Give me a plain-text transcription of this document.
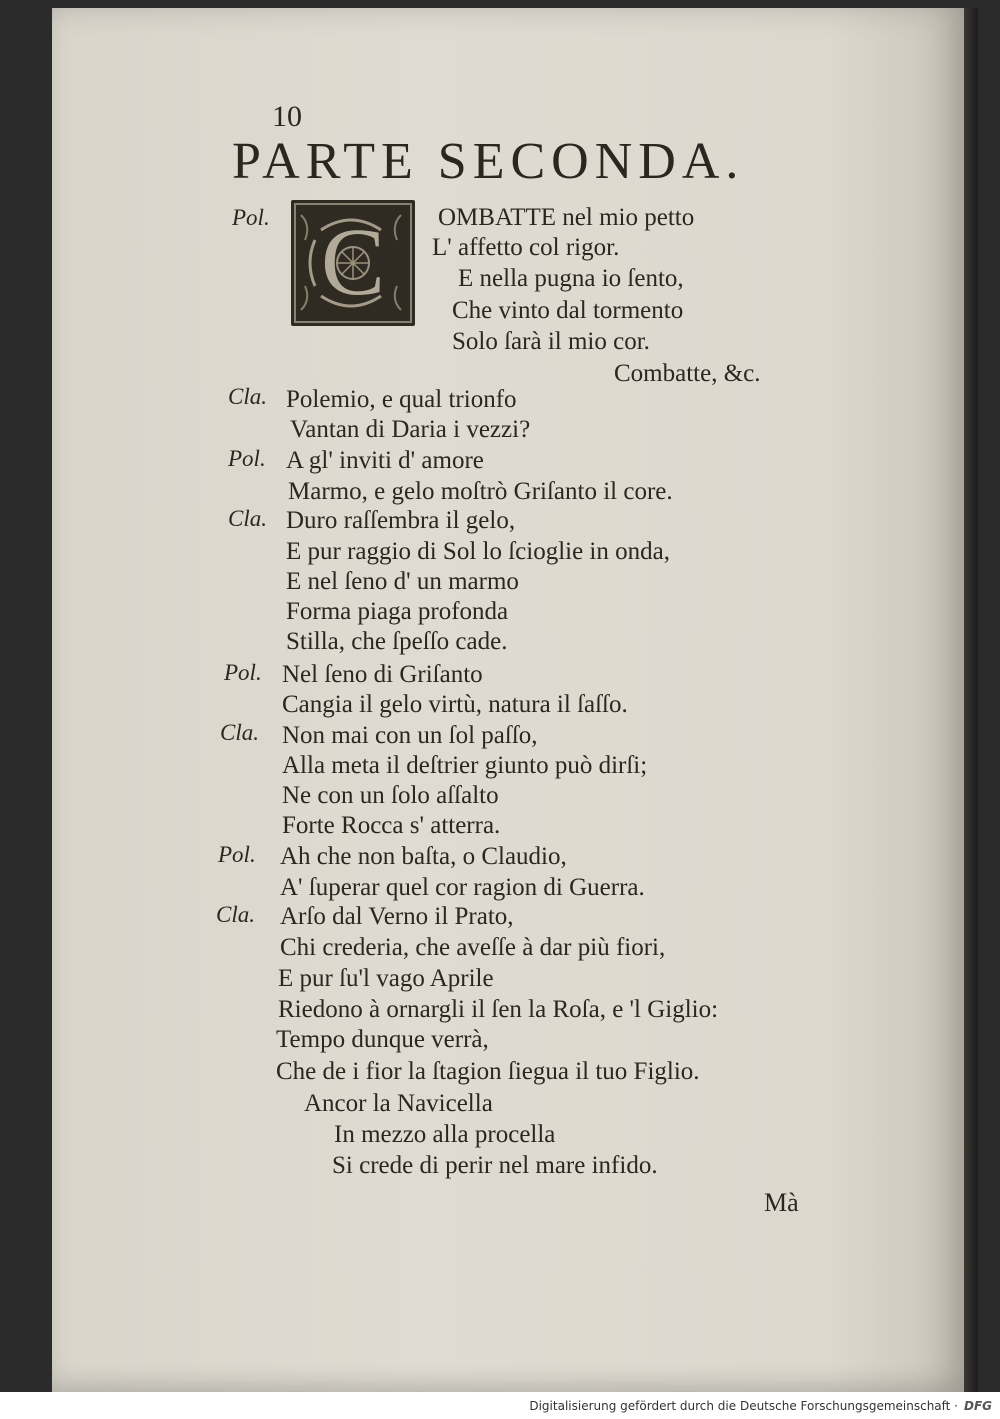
10
PARTE SECONDA.
C
Pol.
Cla.
Pol.
Cla.
Pol.
Cla.
Pol.
Cla.
OMBATTE nel mio petto
L' affetto col rigor.
E nella pugna io ſento,
Che vinto dal tormento
Solo ſarà il mio cor.
Combatte, &c.
Polemio, e qual trionfo
Vantan di Daria i vezzi?
A gl' inviti d' amore
Marmo, e gelo moſtrò Griſanto il core.
Duro raſſembra il gelo,
E pur raggio di Sol lo ſcioglie in onda,
E nel ſeno d' un marmo
Forma piaga profonda
Stilla, che ſpeſſo cade.
Nel ſeno di Griſanto
Cangia il gelo virtù, natura il ſaſſo.
Non mai con un ſol paſſo,
Alla meta il deſtrier giunto può dirſi;
Ne con un ſolo aſſalto
Forte Rocca s' atterra.
Ah che non baſta, o Claudio,
A' ſuperar quel cor ragion di Guerra.
Arſo dal Verno il Prato,
Chi crederia, che aveſſe à dar più fiori,
E pur ſu'l vago Aprile
Riedono à ornargli il ſen la Roſa, e 'l Giglio:
Tempo dunque verrà,
Che de i fior la ſtagion ſiegua il tuo Figlio.
Ancor la Navicella
In mezzo alla procella
Si crede di perir nel mare infido.
Mà
Digitalisierung gefördert durch die Deutsche Forschungsgemeinschaft · DFG
